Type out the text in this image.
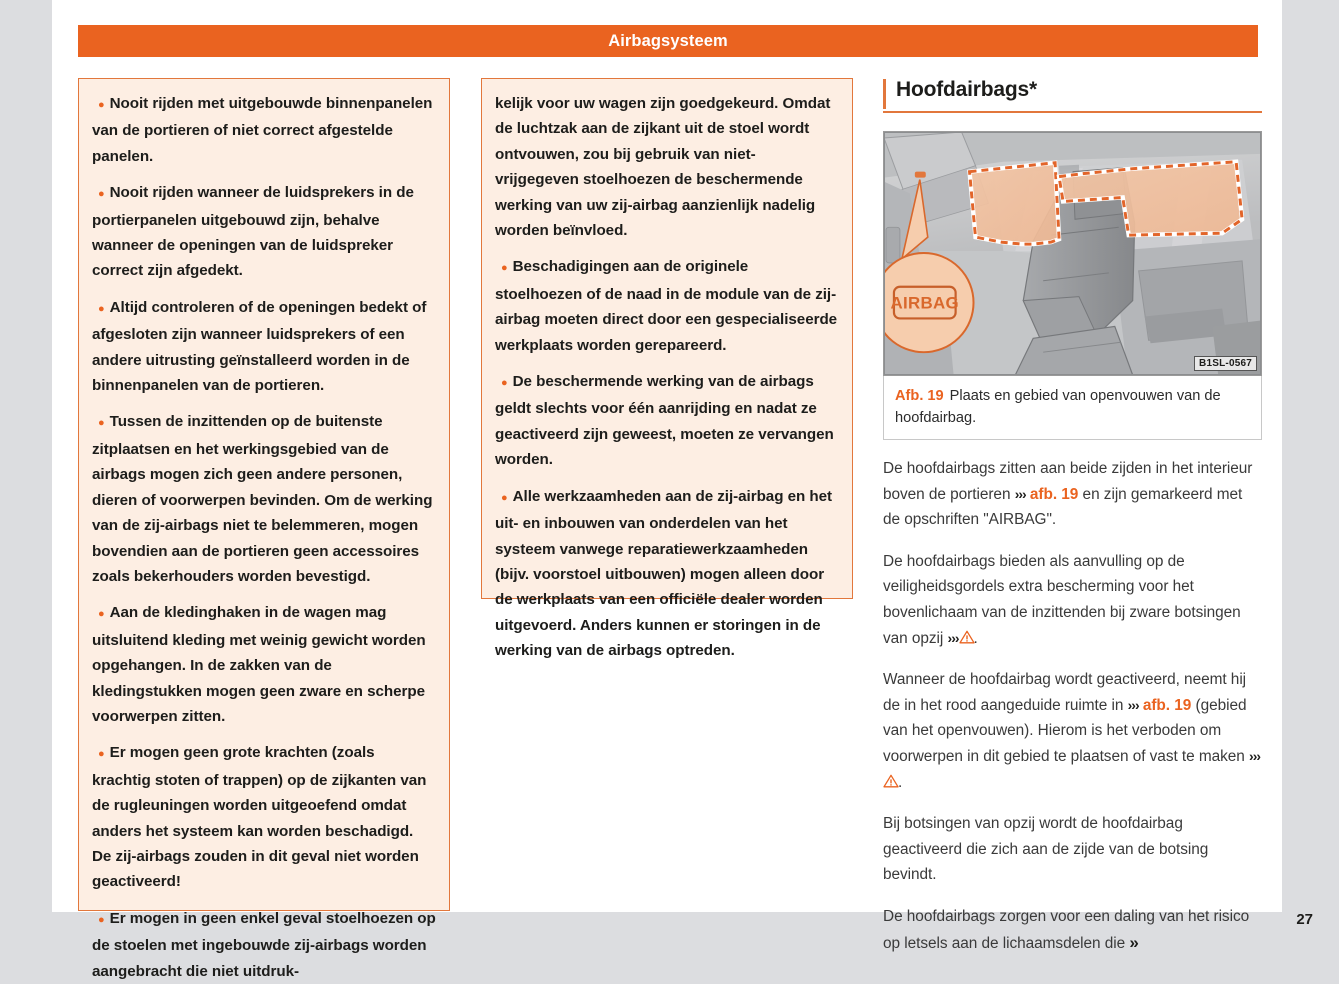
Airbagsysteem

● Nooit rijden met uitgebouwde binnenpanelen van de portieren of niet correct afgestelde panelen.

● Nooit rijden wanneer de luidsprekers in de portierpanelen uitgebouwd zijn, behalve wanneer de openingen van de luidspreker correct zijn afgedekt.

● Altijd controleren of de openingen bedekt of afgesloten zijn wanneer luidsprekers of een andere uitrusting geïnstalleerd worden in de binnenpanelen van de portieren.

● Tussen de inzittenden op de buitenste zitplaatsen en het werkingsgebied van de airbags mogen zich geen andere personen, dieren of voorwerpen bevinden. Om de werking van de zij-airbags niet te belemmeren, mogen bovendien aan de portieren geen accessoires zoals bekerhouders worden bevestigd.

● Aan de kledinghaken in de wagen mag uitsluitend kleding met weinig gewicht worden opgehangen. In de zakken van de kledingstukken mogen geen zware en scherpe voorwerpen zitten.

● Er mogen geen grote krachten (zoals krachtig stoten of trappen) op de zijkanten van de rugleuningen worden uitgeoefend omdat anders het systeem kan worden beschadigd. De zij-airbags zouden in dit geval niet worden geactiveerd!

● Er mogen in geen enkel geval stoelhoezen op de stoelen met ingebouwde zij-airbags worden aangebracht die niet uitdruk-

kelijk voor uw wagen zijn goedgekeurd. Omdat de luchtzak aan de zijkant uit de stoel wordt ontvouwen, zou bij gebruik van niet-vrijgegeven stoelhoezen de beschermende werking van uw zij-airbag aanzienlijk nadelig worden beïnvloed.

● Beschadigingen aan de originele stoelhoezen of de naad in de module van de zij-airbag moeten direct door een gespecialiseerde werkplaats worden gerepareerd.

● De beschermende werking van de airbags geldt slechts voor één aanrijding en nadat ze geactiveerd zijn geweest, moeten ze vervangen worden.

● Alle werkzaamheden aan de zij-airbag en het uit- en inbouwen van onderdelen van het systeem vanwege reparatiewerkzaamheden (bijv. voorstoel uitbouwen) mogen alleen door de werkplaats van een officiële dealer worden uitgevoerd. Anders kunnen er storingen in de werking van de airbags optreden.

Hoofdairbags*
AIRBAG
B1SL-0567
Afb. 19 Plaats en gebied van openvouwen van de hoofdairbag.

De hoofdairbags zitten aan beide zijden in het interieur boven de portieren ››› afb. 19 en zijn gemarkeerd met de opschriften "AIRBAG".

De hoofdairbags bieden als aanvulling op de veiligheidsgordels extra bescherming voor het bovenlichaam van de inzittenden bij zware botsingen van opzij ››› .

Wanneer de hoofdairbag wordt geactiveerd, neemt hij de in het rood aangeduide ruimte in ››› afb. 19 (gebied van het openvouwen). Hierom is het verboden om voorwerpen in dit gebied te plaatsen of vast te maken ›››.

Bij botsingen van opzij wordt de hoofdairbag geactiveerd die zich aan de zijde van de botsing bevindt.

De hoofdairbags zorgen voor een daling van het risico op letsels aan de lichaamsdelen die »

27
